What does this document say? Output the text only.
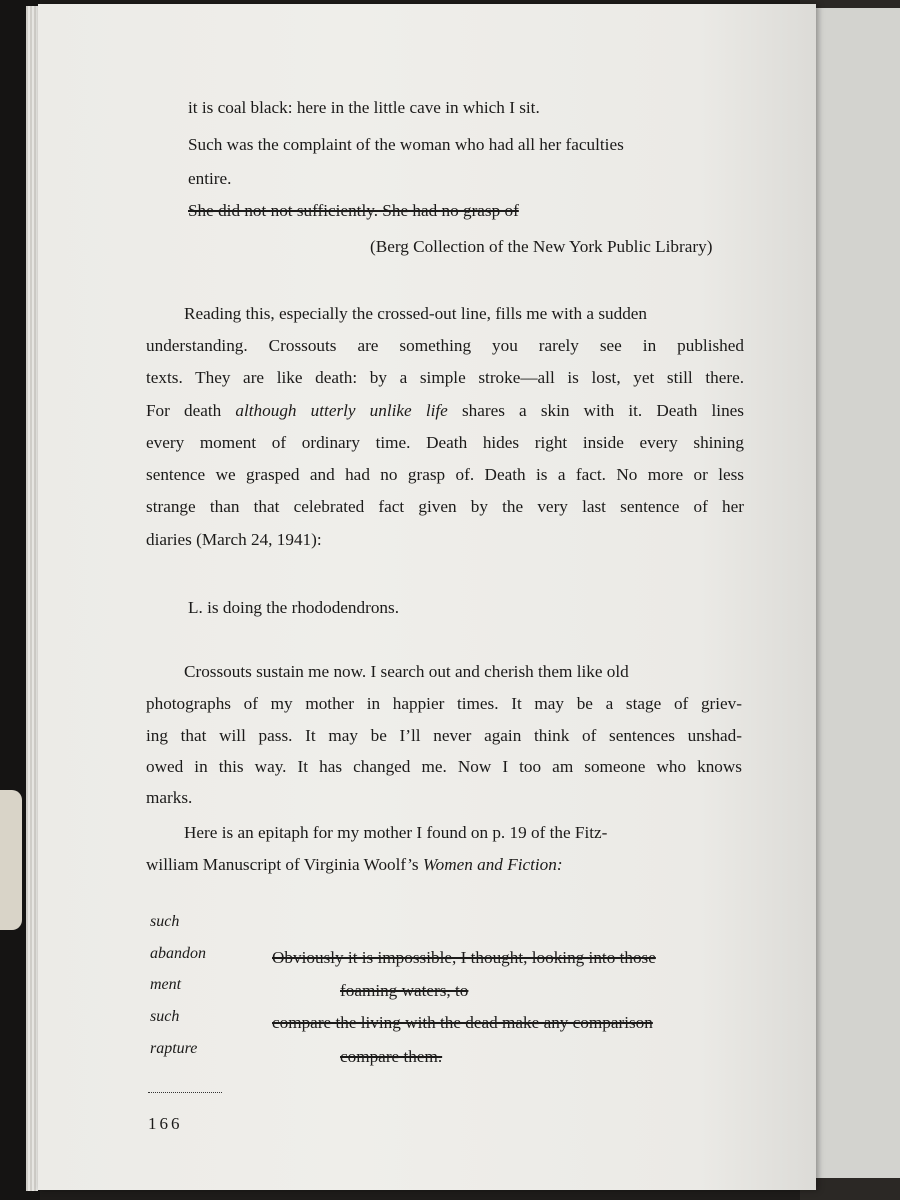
it is coal black: here in the little cave in which I sit.
Such was the complaint of the woman who had all her faculties
entire.
She did not not sufficiently. She had no grasp of
(Berg Collection of the New York Public Library)
Reading this, especially the crossed-out line, fills me with a sudden
understanding. Crossouts are something you rarely see in published
texts. They are like death: by a simple stroke—all is lost, yet still there.
For death although utterly unlike life shares a skin with it. Death lines
every moment of ordinary time. Death hides right inside every shining
sentence we grasped and had no grasp of. Death is a fact. No more or less
strange than that celebrated fact given by the very last sentence of her
diaries (March 24, 1941):
L. is doing the rhododendrons.
Crossouts sustain me now. I search out and cherish them like old
photographs of my mother in happier times. It may be a stage of griev-
ing that will pass. It may be I’ll never again think of sentences unshad-
owed in this way. It has changed me. Now I too am someone who knows
marks.
Here is an epitaph for my mother I found on p. 19 of the Fitz-
william Manuscript of Virginia Woolf’s Women and Fiction:
such
abandon
ment
such
rapture
Obviously it is impossible, I thought, looking into those
foaming waters, to
compare the living with the dead make any comparison
compare them.
166
